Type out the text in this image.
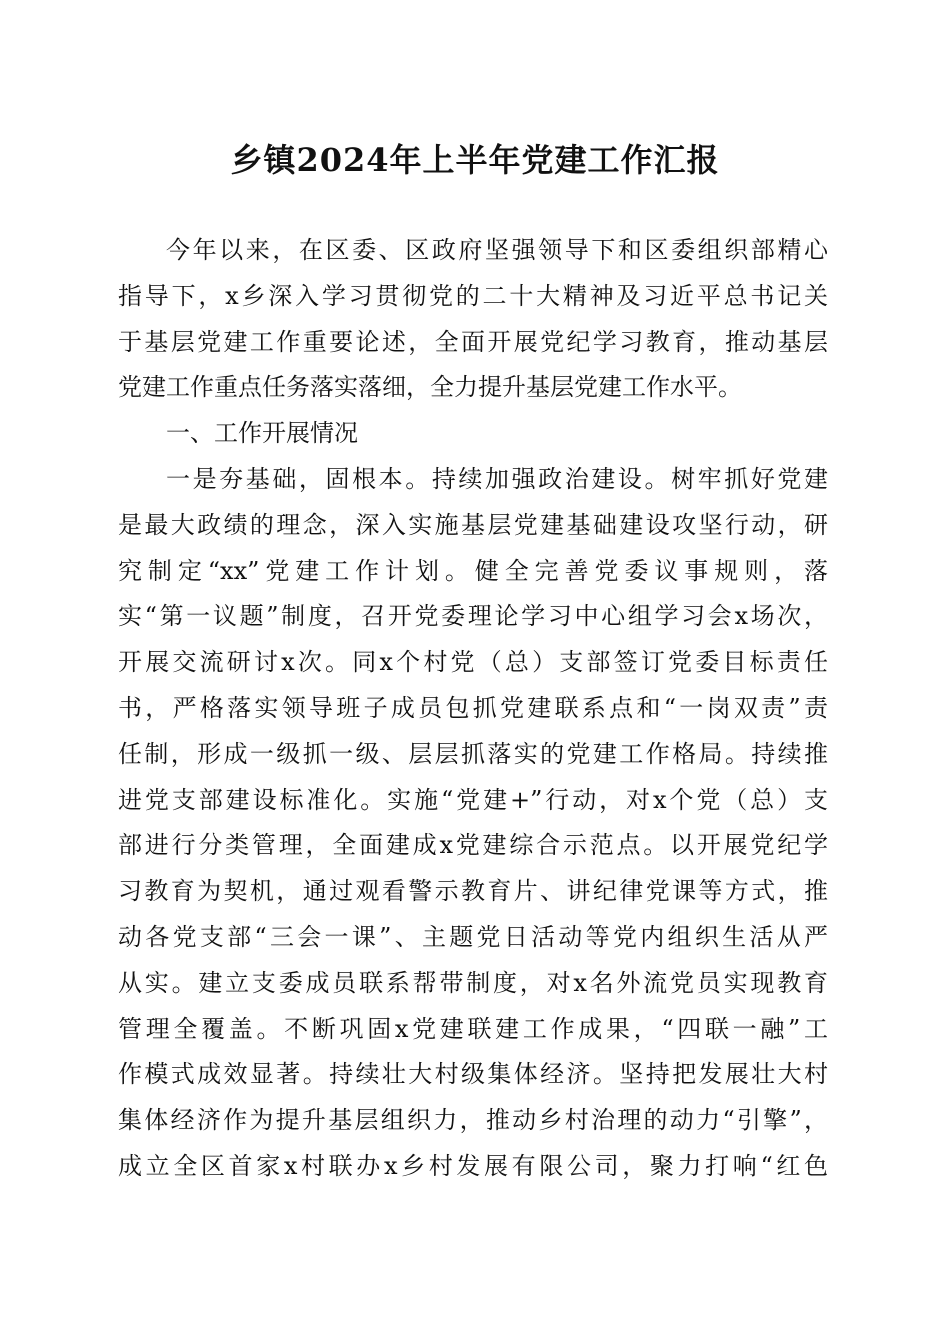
乡镇2024年上半年党建工作汇报
今年以来，在区委、区政府坚强领导下和区委组织部精心
指导下，x乡深入学习贯彻党的二十大精神及习近平总书记关
于基层党建工作重要论述，全面开展党纪学习教育，推动基层
党建工作重点任务落实落细，全力提升基层党建工作水平。
一、工作开展情况
一是夯基础，固根本。持续加强政治建设。树牢抓好党建
是最大政绩的理念，深入实施基层党建基础建设攻坚行动，研
究制定“xx”党建工作计划。健全完善党委议事规则，落
实“第一议题”制度，召开党委理论学习中心组学习会x场次，
开展交流研讨x次。同x个村党（总）支部签订党委目标责任
书，严格落实领导班子成员包抓党建联系点和“一岗双责”责
任制，形成一级抓一级、层层抓落实的党建工作格局。持续推
进党支部建设标准化。实施“党建+”行动，对x个党（总）支
部进行分类管理，全面建成x党建综合示范点。以开展党纪学
习教育为契机，通过观看警示教育片、讲纪律党课等方式，推
动各党支部“三会一课”、主题党日活动等党内组织生活从严
从实。建立支委成员联系帮带制度，对x名外流党员实现教育
管理全覆盖。不断巩固x党建联建工作成果，“四联一融”工
作模式成效显著。持续壮大村级集体经济。坚持把发展壮大村
集体经济作为提升基层组织力，推动乡村治理的动力“引擎”，
成立全区首家x村联办x乡村发展有限公司，聚力打响“红色
